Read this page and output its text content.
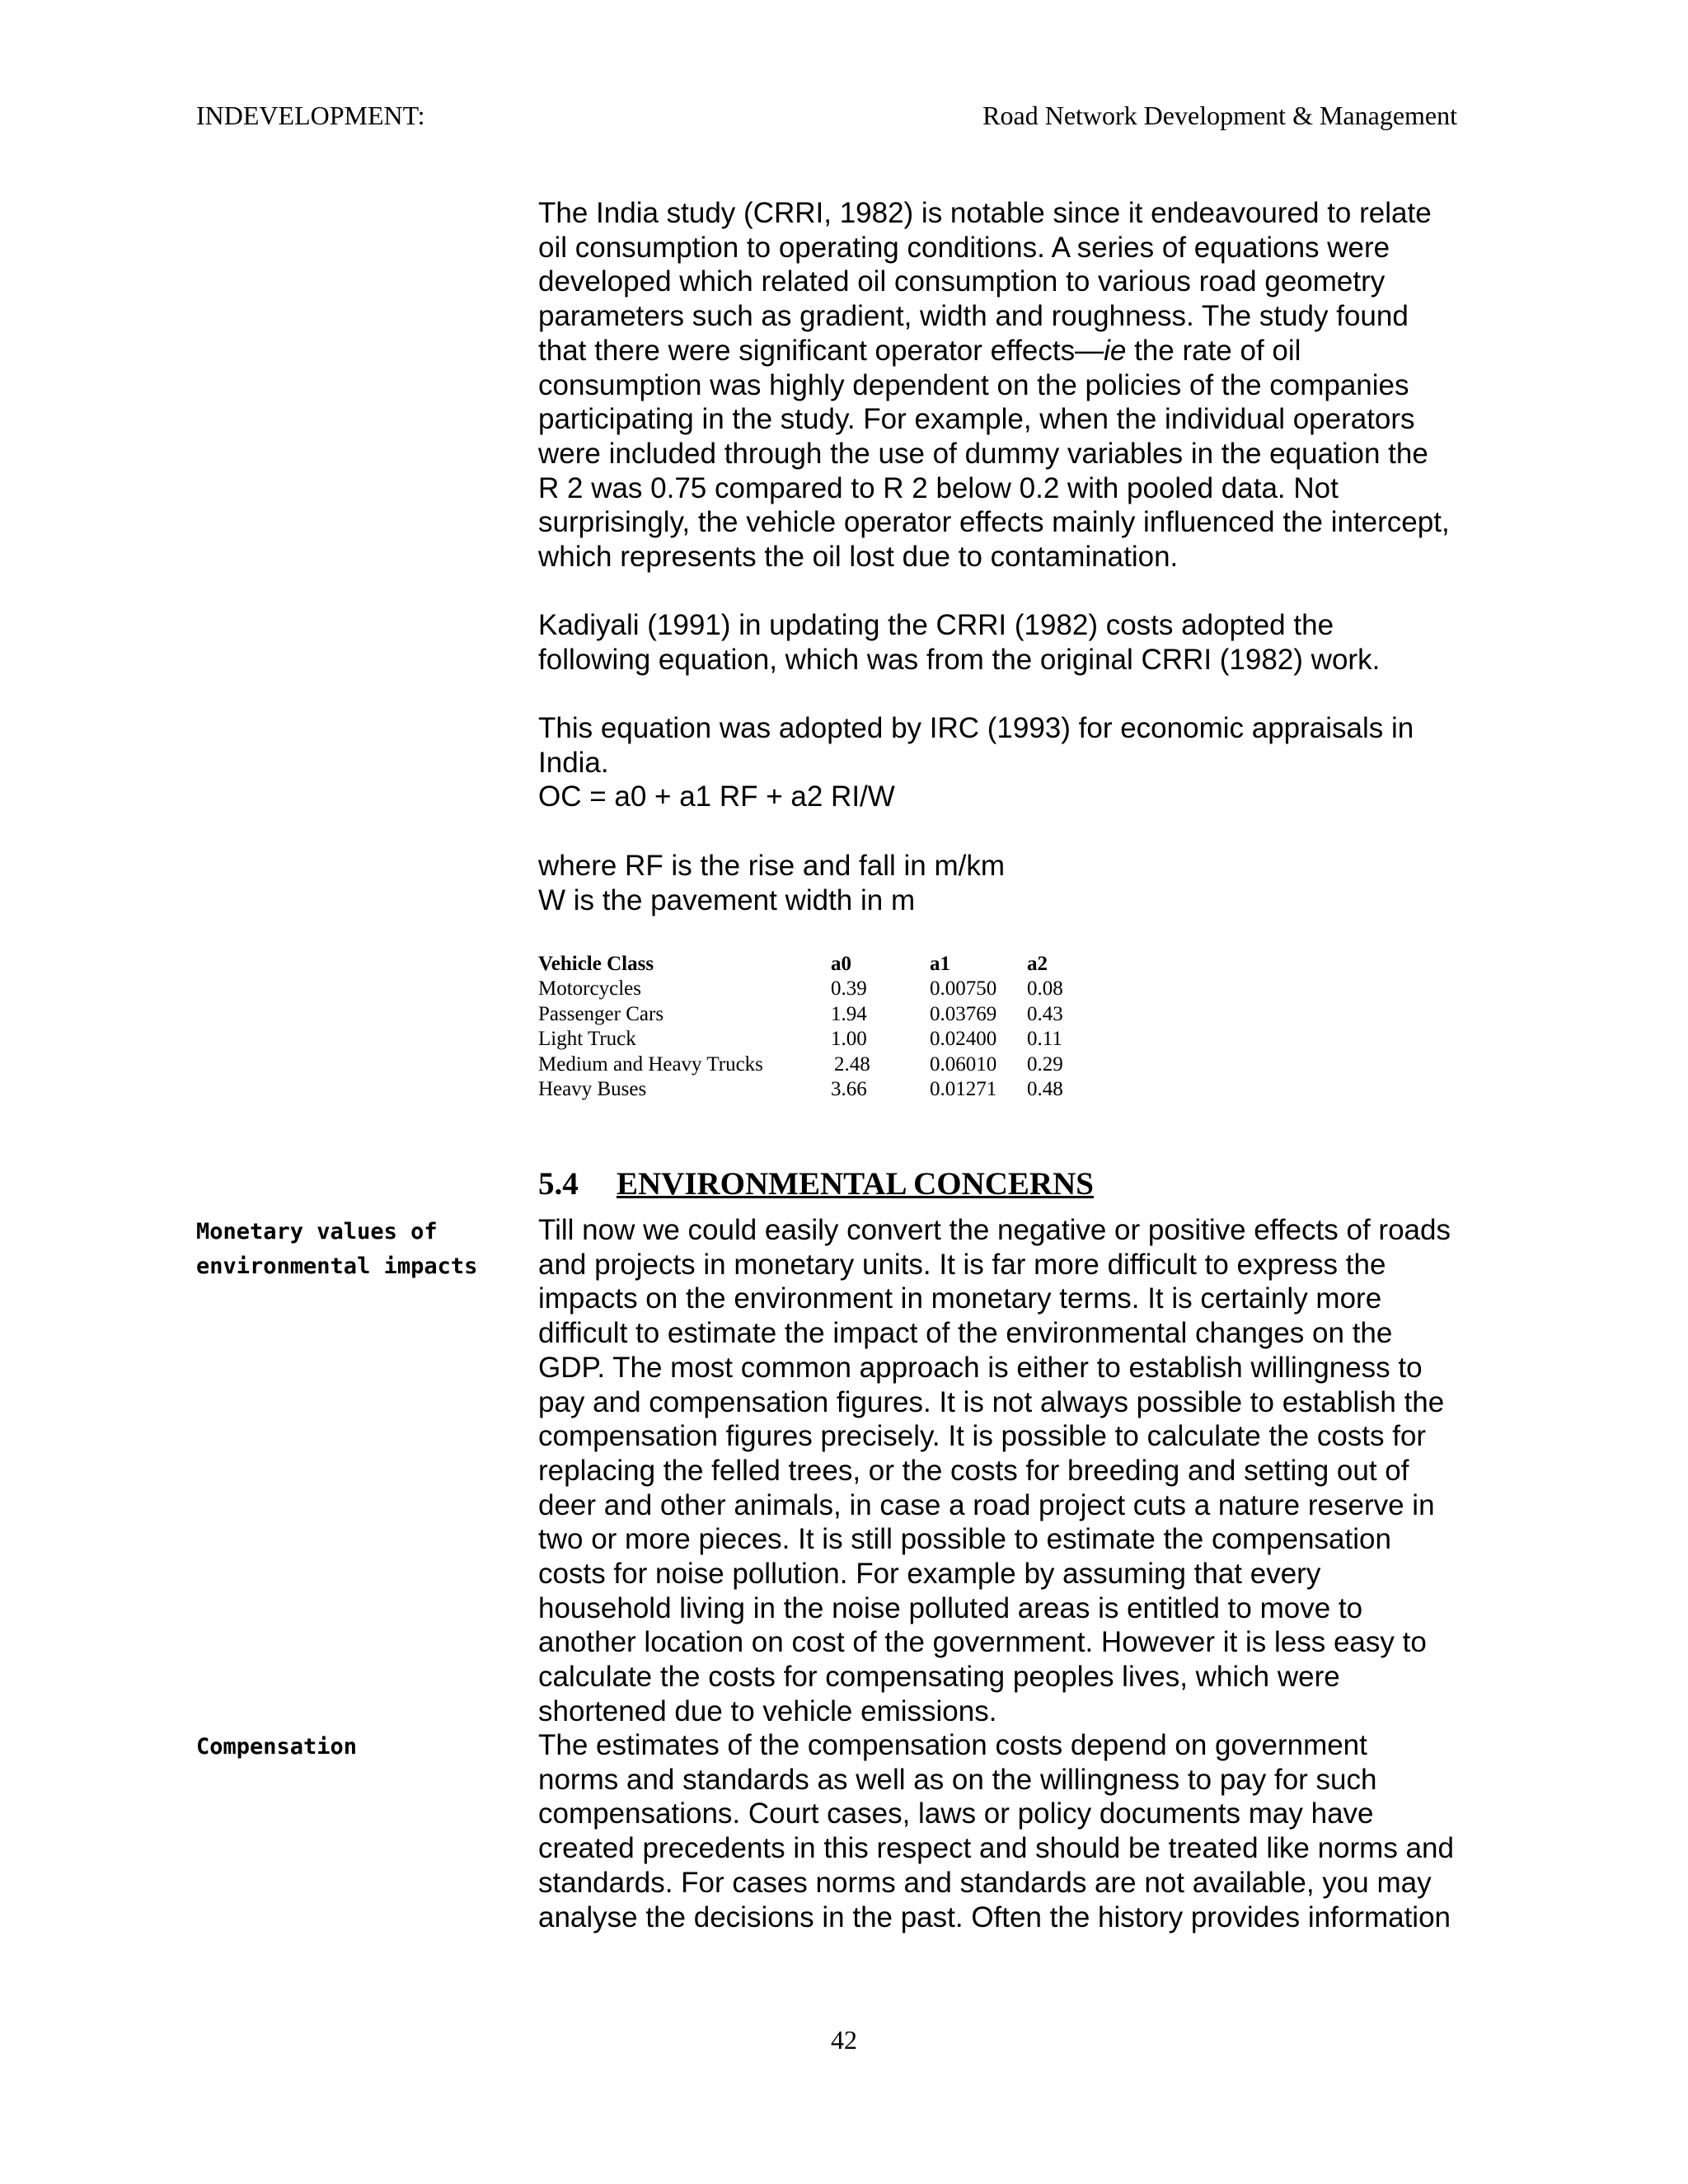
INDEVELOPMENT:	Road Network Development & Management
The India study (CRRI, 1982) is notable since it endeavoured to relate
oil consumption to operating conditions. A series of equations were
developed which related oil consumption to various road geometry
parameters such as gradient, width and roughness. The study found
that there were significant operator effects—ie the rate of oil
consumption was highly dependent on the policies of the companies
participating in the study. For example, when the individual operators
were included through the use of dummy variables in the equation the
R 2 was 0.75 compared to R 2 below 0.2 with pooled data. Not
surprisingly, the vehicle operator effects mainly influenced the intercept,
which represents the oil lost due to contamination.
Kadiyali (1991) in updating the CRRI (1982) costs adopted the
following equation, which was from the original CRRI (1982) work.
This equation was adopted by IRC (1993) for economic appraisals in
India.
OC = a0 + a1 RF + a2 RI/W
where RF is the rise and fall in m/km
W is the pavement width in m
Vehicle Class	a0	a1	a2
Motorcycles	0.39	0.00750	0.08
Passenger Cars	1.94	0.03769	0.43
Light Truck	1.00	0.02400	0.11
Medium and Heavy Trucks	2.48	0.06010	0.29
Heavy Buses	3.66	0.01271	0.48
5.4 ENVIRONMENTAL CONCERNS
Monetary values of
environmental impacts
Till now we could easily convert the negative or positive effects of roads
and projects in monetary units. It is far more difficult to express the
impacts on the environment in monetary terms. It is certainly more
difficult to estimate the impact of the environmental changes on the
GDP. The most common approach is either to establish willingness to
pay and compensation figures. It is not always possible to establish the
compensation figures precisely. It is possible to calculate the costs for
replacing the felled trees, or the costs for breeding and setting out of
deer and other animals, in case a road project cuts a nature reserve in
two or more pieces. It is still possible to estimate the compensation
costs for noise pollution. For example by assuming that every
household living in the noise polluted areas is entitled to move to
another location on cost of the government. However it is less easy to
calculate the costs for compensating peoples lives, which were
shortened due to vehicle emissions.
Compensation	The estimates of the compensation costs depend on government
norms and standards as well as on the willingness to pay for such
compensations. Court cases, laws or policy documents may have
created precedents in this respect and should be treated like norms and
standards. For cases norms and standards are not available, you may
analyse the decisions in the past. Often the history provides information
42
